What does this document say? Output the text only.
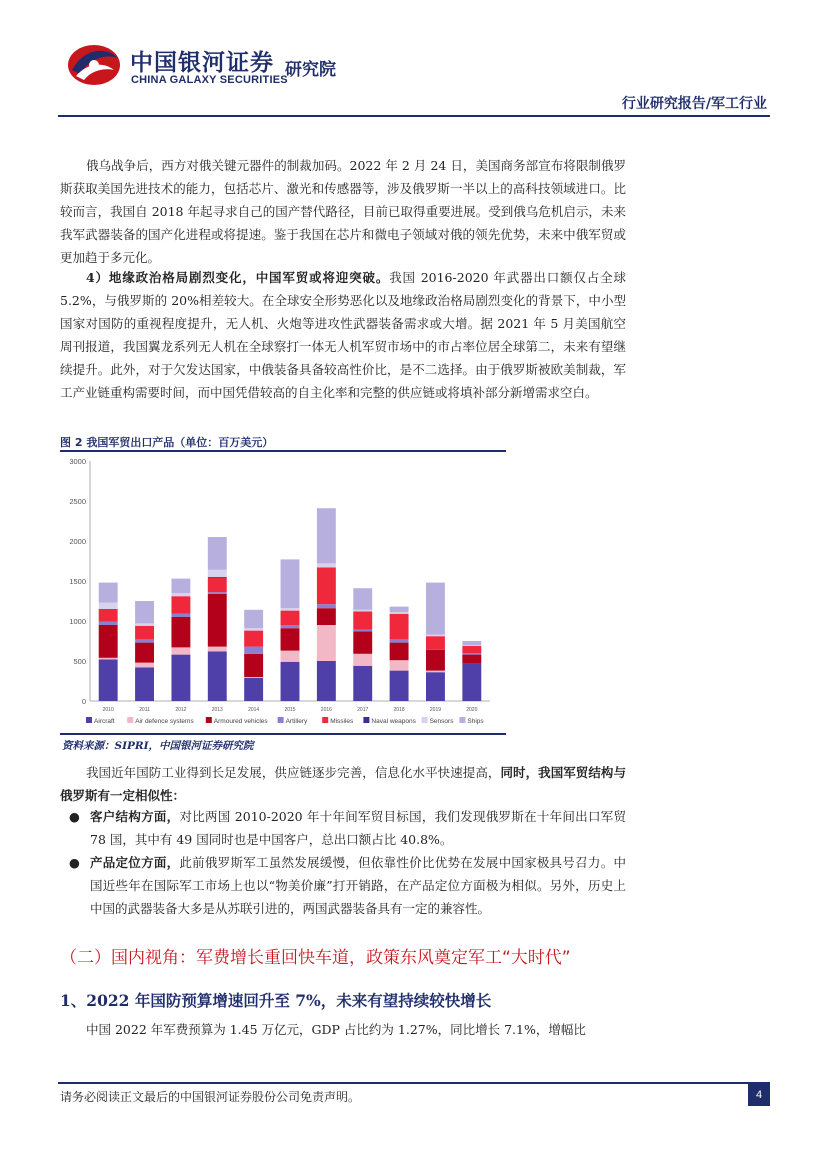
中国银河证券
CHINA GALAXY SECURITIES
研究院
行业研究报告/军工行业

俄乌战争后，西方对俄关键元器件的制裁加码。2022 年 2 月 24 日，美国商务部宣布将限制俄罗斯获取美国先进技术的能力，包括芯片、激光和传感器等，涉及俄罗斯一半以上的高科技领域进口。比较而言，我国自 2018 年起寻求自己的国产替代路径，目前已取得重要进展。受到俄乌危机启示，未来我军武器装备的国产化进程或将提速。鉴于我国在芯片和微电子领域对俄的领先优势，未来中俄军贸或更加趋于多元化。

4）地缘政治格局剧烈变化，中国军贸或将迎突破。我国 2016-2020 年武器出口额仅占全球 5.2%，与俄罗斯的 20%相差较大。在全球安全形势恶化以及地缘政治格局剧烈变化的背景下，中小型国家对国防的重视程度提升，无人机、火炮等进攻性武器装备需求或大增。据 2021 年 5 月美国航空周刊报道，我国翼龙系列无人机在全球察打一体无人机军贸市场中的市占率位居全球第二，未来有望继续提升。此外，对于欠发达国家，中俄装备具备较高性价比，是不二选择。由于俄罗斯被欧美制裁，军工产业链重构需要时间，而中国凭借较高的自主化率和完整的供应链或将填补部分新增需求空白。

图 2 我国军贸出口产品（单位：百万美元）
0
500
1000
1500
2000
2500
3000
2010	2011	2012	2013	2014	2015	2016	2017	2018	2019	2020
Aircraft	Air defence systems	Armoured vehicles	Artillery	Missiles	Naval weapons Sensors Ships
资料来源：SIPRI，中国银河证券研究院

我国近年国防工业得到长足发展，供应链逐步完善，信息化水平快速提高，同时，我国军贸结构与俄罗斯有一定相似性：

● 客户结构方面，对比两国 2010-2020 年十年间军贸目标国，我们发现俄罗斯在十年间出口军贸 78 国，其中有 49 国同时也是中国客户，总出口额占比 40.8%。
● 产品定位方面，此前俄罗斯军工虽然发展缓慢，但依靠性价比优势在发展中国家极具号召力。中国近些年在国际军工市场上也以“物美价廉”打开销路，在产品定位方面极为相似。另外，历史上中国的武器装备大多是从苏联引进的，两国武器装备具有一定的兼容性。
（二）国内视角：军费增长重回快车道，政策东风奠定军工“大时代”
1、2022 年国防预算增速回升至 7%，未来有望持续较快增长

中国 2022 年军费预算为 1.45 万亿元，GDP 占比约为 1.27%，同比增长 7.1%，增幅比

请务必阅读正文最后的中国银河证券股份公司免责声明。	4
